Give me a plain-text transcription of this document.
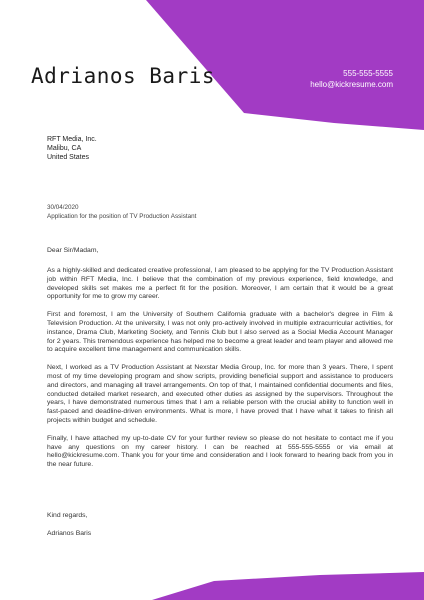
Adrianos Baris	555-555-5555
hello@kickresume.com
RFT Media, Inc.
Malibu, CA
United States
30/04/2020
Application for the position of TV Production Assistant

Dear Sir/Madam,

As a highly-skilled and dedicated creative professional, I am pleased to be applying for the TV Production Assistant job within RFT Media, Inc. I believe that the combination of my previous experience, field knowledge, and developed skills set makes me a perfect fit for the position. Moreover, I am certain that it would be a great opportunity for me to grow my career.

First and foremost, I am the University of Southern California graduate with a bachelor's degree in Film & Television Production. At the university, I was not only pro-actively involved in multiple extracurricular activities, for instance, Drama Club, Marketing Society, and Tennis Club but I also served as a Social Media Account Manager for 2 years. This tremendous experience has helped me to become a great leader and team player and allowed me to acquire excellent time management and communication skills.

Next, I worked as a TV Production Assistant at Nexstar Media Group, Inc. for more than 3 years. There, I spent most of my time developing program and show scripts, providing beneficial support and assistance to producers and directors, and managing all travel arrangements. On top of that, I maintained confidential documents and files, conducted detailed market research, and executed other duties as assigned by the supervisors. Throughout the years, I have demonstrated numerous times that I am a reliable person with the crucial ability to function well in fast-paced and deadline-driven environments. What is more, I have proved that I have what it takes to finish all projects within budget and schedule.

Finally, I have attached my up-to-date CV for your further review so please do not hesitate to contact me if you have any questions on my career history. I can be reached at 555-555-5555 or via email at hello@kickresume.com. Thank you for your time and consideration and I look forward to hearing back from you in the near future.

Kind regards,
Adrianos Baris
